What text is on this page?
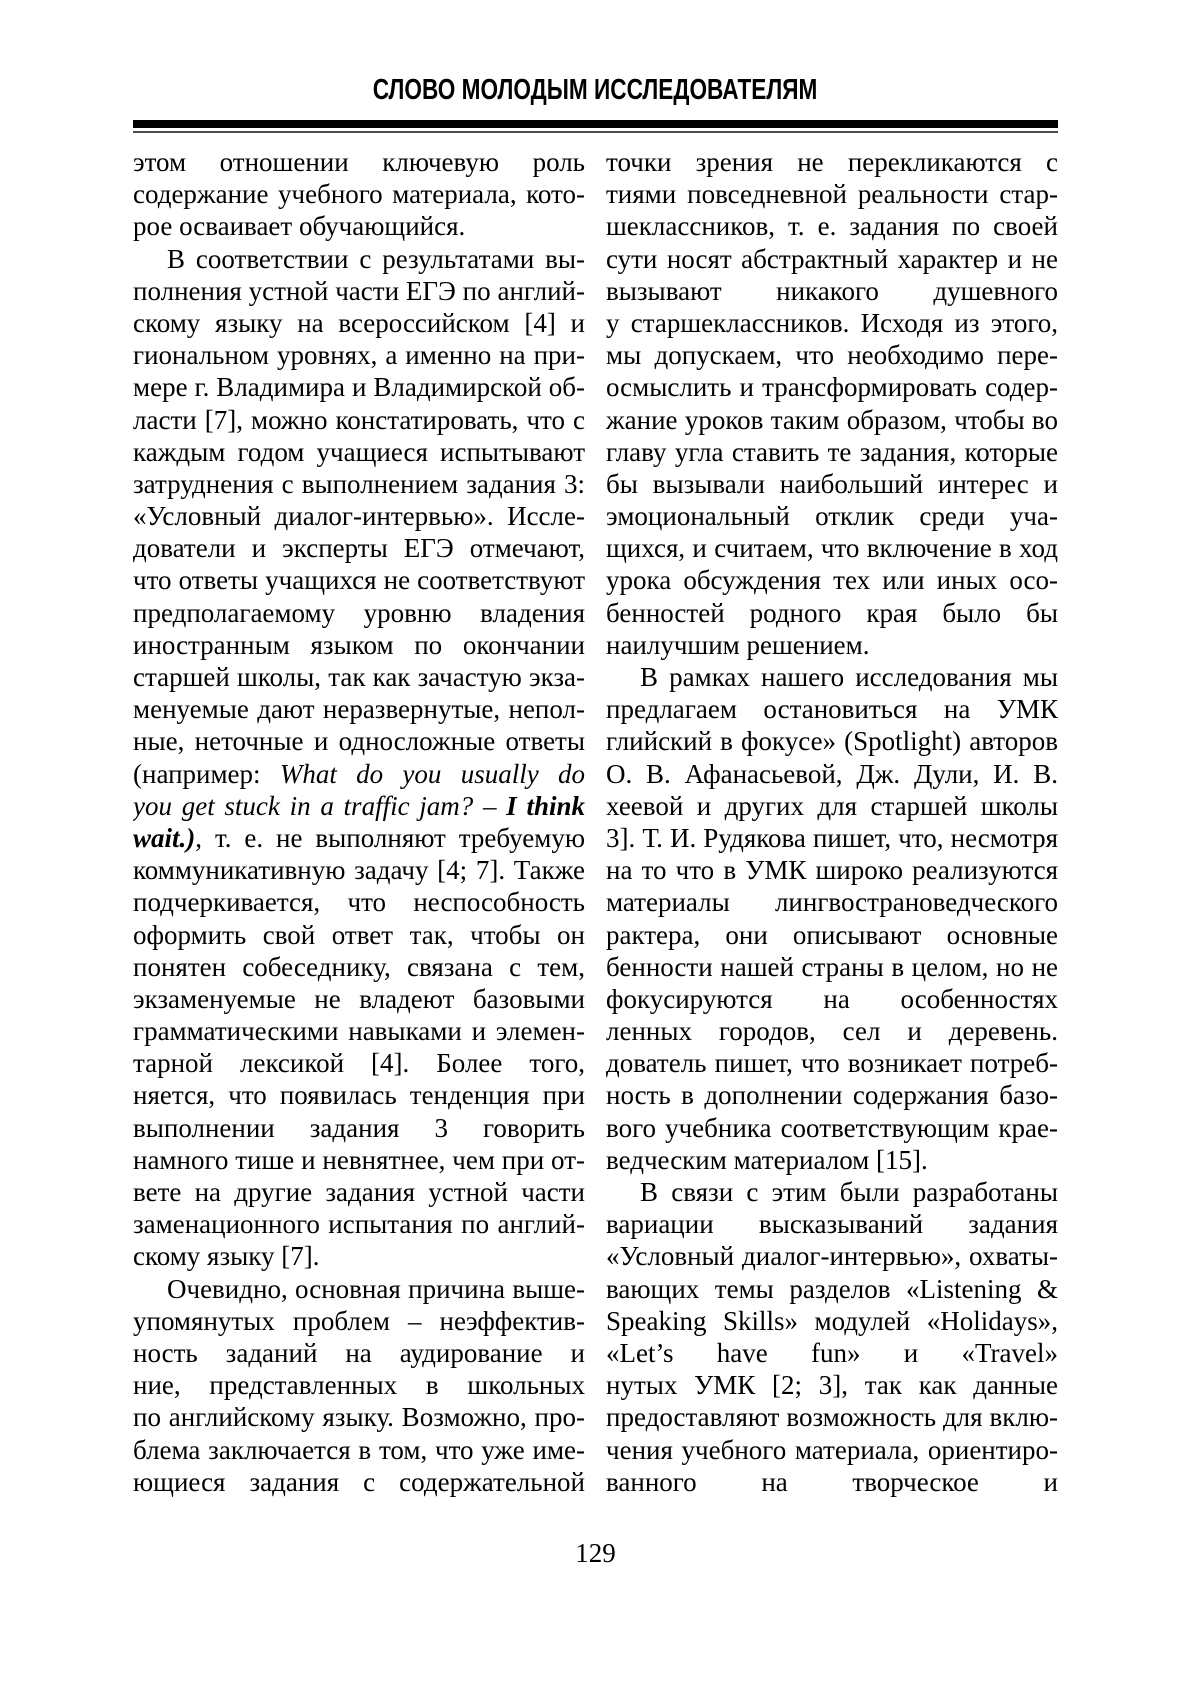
СЛОВО МОЛОДЫМ ИССЛЕДОВАТЕЛЯМ
этом отношении ключевую роль
содержание учебного материала, кото-
рое осваивает обучающийся.
В соответствии с результатами вы-
полнения устной части ЕГЭ по англий-
скому языку на всероссийском [4] и
гиональном уровнях, а именно на при-
мере г. Владимира и Владимирской об-
ласти [7], можно констатировать, что с
каждым годом учащиеся испытывают
затруднения с выполнением задания 3:
«Условный диалог-интервью». Иссле-
дователи и эксперты ЕГЭ отмечают,
что ответы учащихся не соответствуют
предполагаемому уровню владения
иностранным языком по окончании
старшей школы, так как зачастую экза-
менуемые дают неразвернутые, непол-
ные, неточные и односложные ответы
(например: What do you usually do
you get stuck in a traffic jam? – I think
wait.), т. е. не выполняют требуемую
коммуникативную задачу [4; 7]. Также
подчеркивается, что неспособность
оформить свой ответ так, чтобы он
понятен собеседнику, связана с тем,
экзаменуемые не владеют базовыми
грамматическими навыками и элемен-
тарной лексикой [4]. Более того,
няется, что появилась тенденция при
выполнении задания 3 говорить
намного тише и невнятнее, чем при от-
вете на другие задания устной части
заменационного испытания по англий-
скому языку [7].
Очевидно, основная причина выше-
упомянутых проблем – неэффектив-
ность заданий на аудирование и
ние, представленных в школьных
по английскому языку. Возможно, про-
блема заключается в том, что уже име-
ющиеся задания с содержательной
точки зрения не перекликаются с
тиями повседневной реальности стар-
шеклассников, т. е. задания по своей
сути носят абстрактный характер и не
вызывают никакого душевного
у старшеклассников. Исходя из этого,
мы допускаем, что необходимо пере-
осмыслить и трансформировать содер-
жание уроков таким образом, чтобы во
главу угла ставить те задания, которые
бы вызывали наибольший интерес и
эмоциональный отклик среди уча-
щихся, и считаем, что включение в ход
урока обсуждения тех или иных осо-
бенностей родного края было бы
наилучшим решением.
В рамках нашего исследования мы
предлагаем остановиться на УМК
глийский в фокусе» (Spotlight) авторов
О. В. Афанасьевой, Дж. Дули, И. В.
хеевой и других для старшей школы
3]. Т. И. Рудякова пишет, что, несмотря
на то что в УМК широко реализуются
материалы лингвострановедческого
рактера, они описывают основные
бенности нашей страны в целом, но не
фокусируются на особенностях
ленных городов, сел и деревень.
дователь пишет, что возникает потреб-
ность в дополнении содержания базо-
вого учебника соответствующим крае-
ведческим материалом [15].
В связи с этим были разработаны
вариации высказываний задания
«Условный диалог-интервью», охваты-
вающих темы разделов «Listening &
Speaking Skills» модулей «Holidays»,
«Let’s have fun» и «Travel»
нутых УМК [2; 3], так как данные
предоставляют возможность для вклю-
чения учебного материала, ориентиро-
ванного на творческое и
129
